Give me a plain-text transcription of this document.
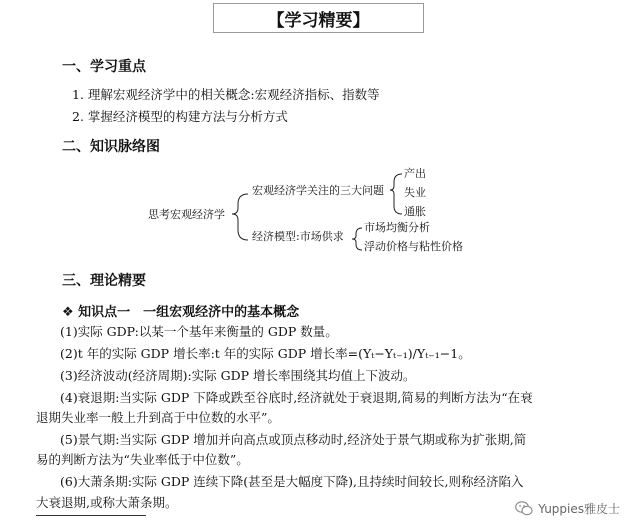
【学习精要】
一、学习重点
1. 理解宏观经济学中的相关概念:宏观经济指标、指数等
2. 掌握经济模型的构建方法与分析方式
二、知识脉络图
思考宏观经济学
宏观经济学关注的三大问题
经济模型:市场供求
产出
失业
通胀
市场均衡分析
浮动价格与粘性价格
三、理论精要
❖ 知识点一　一组宏观经济中的基本概念
(1)实际 GDP:以某一个基年来衡量的 GDP 数量。
(2)t 年的实际 GDP 增长率:t 年的实际 GDP 增长率=(Yₜ−Yₜ₋₁)/Yₜ₋₁−1。
(3)经济波动(经济周期):实际 GDP 增长率围绕其均值上下波动。
(4)衰退期:当实际 GDP 下降或跌至谷底时,经济就处于衰退期,简易的判断方法为“在衰
退期失业率一般上升到高于中位数的水平”。
(5)景气期:当实际 GDP 增加并向高点或顶点移动时,经济处于景气期或称为扩张期,简
易的判断方法为“失业率低于中位数”。
(6)大萧条期:实际 GDP 连续下降(甚至是大幅度下降),且持续时间较长,则称经济陷入
大衰退期,或称大萧条期。	Yuppies雅皮士
